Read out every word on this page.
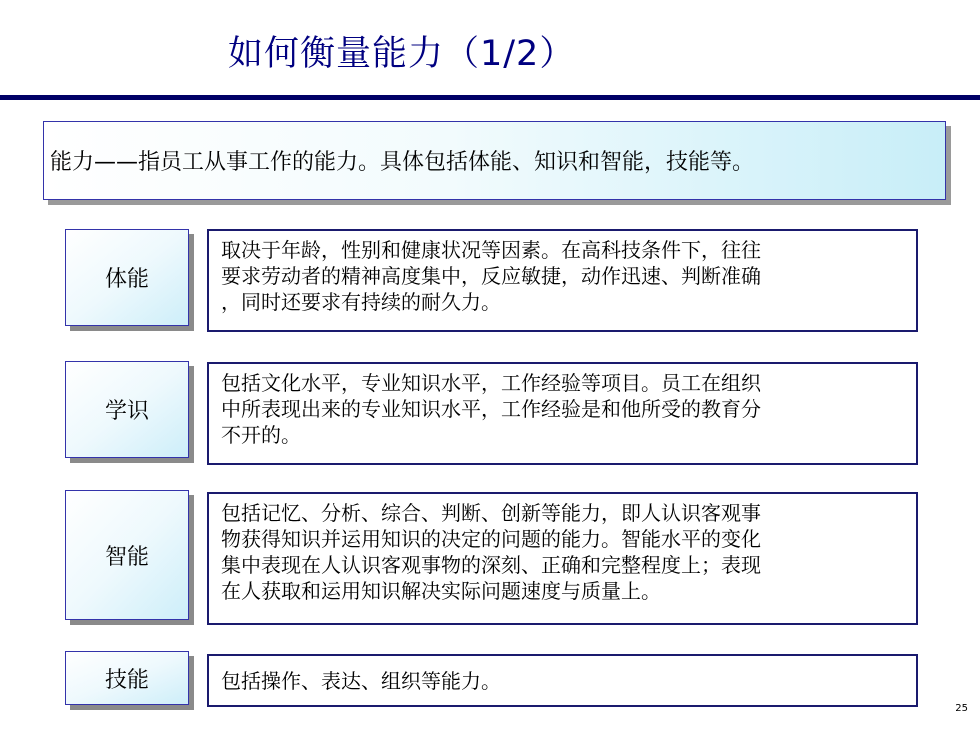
如何衡量能力（1/2）
能力——指员工从事工作的能力。具体包括体能、知识和智能，技能等。
体能
取决于年龄，性别和健康状况等因素。在高科技条件下，往往
要求劳动者的精神高度集中，反应敏捷，动作迅速、判断准确
，同时还要求有持续的耐久力。
学识
包括文化水平，专业知识水平，工作经验等项目。员工在组织
中所表现出来的专业知识水平，工作经验是和他所受的教育分
不开的。
智能
包括记忆、分析、综合、判断、创新等能力，即人认识客观事
物获得知识并运用知识的决定的问题的能力。智能水平的变化
集中表现在人认识客观事物的深刻、正确和完整程度上；表现
在人获取和运用知识解决实际问题速度与质量上。
技能	包括操作、表达、组织等能力。
25
